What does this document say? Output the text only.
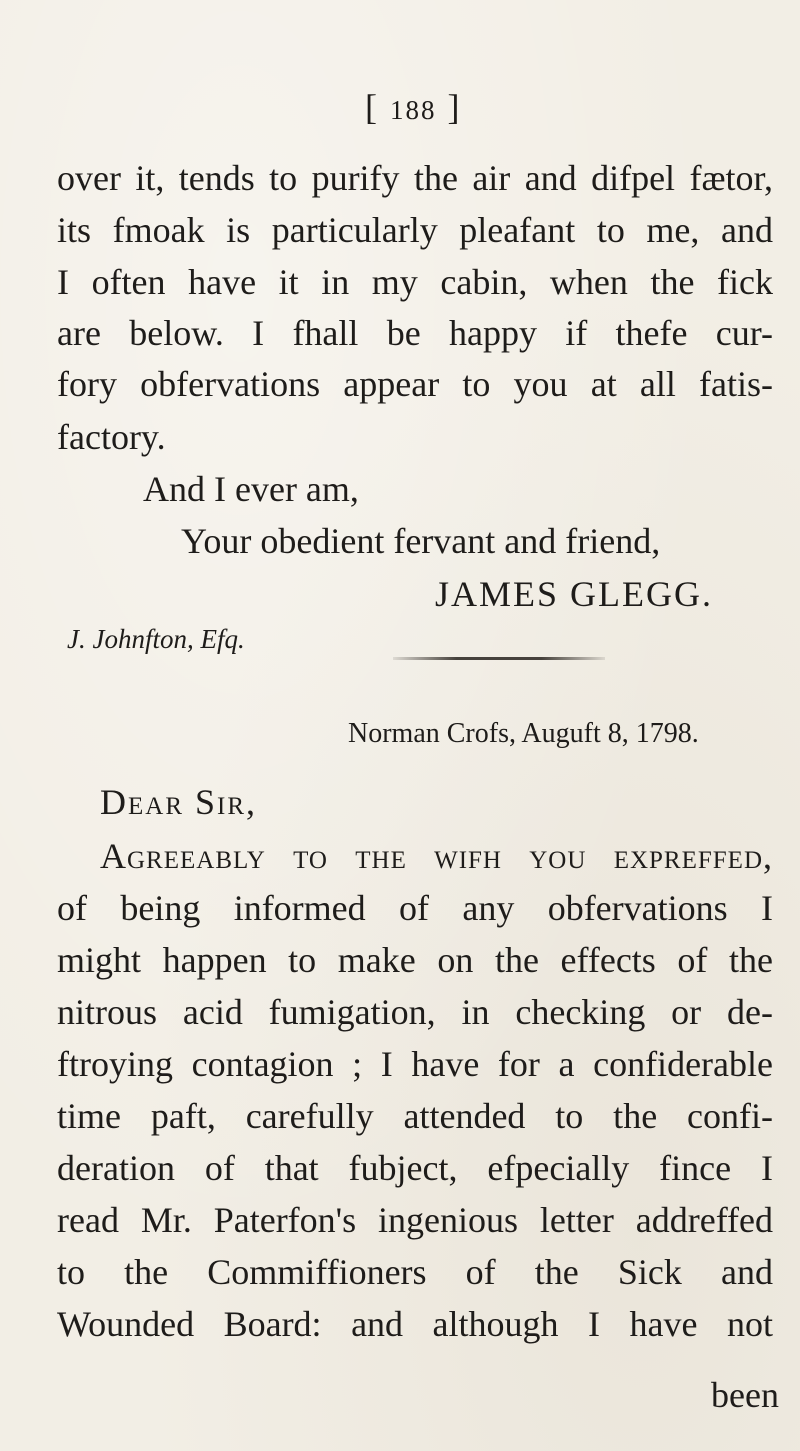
[ 188 ]
over it, tends to purify the air and difpel fætor,
its fmoak is particularly pleafant to me, and
I often have it in my cabin, when the fick
are below. I fhall be happy if thefe cur-
fory obfervations appear to you at all fatis-
factory.
And I ever am,
Your obedient fervant and friend,
JAMES GLEGG.
J. Johnfton, Efq.
Norman Crofs, Auguft 8, 1798.
Dear Sir,
Agreeably to the wifh you expreffed,
of being informed of any obfervations I
might happen to make on the effects of the
nitrous acid fumigation, in checking or de-
ftroying contagion ; I have for a confiderable
time paft, carefully attended to the confi-
deration of that fubject, efpecially fince I
read Mr. Paterfon's ingenious letter addreffed
to the Commiffioners of the Sick and
Wounded Board: and although I have not
been
